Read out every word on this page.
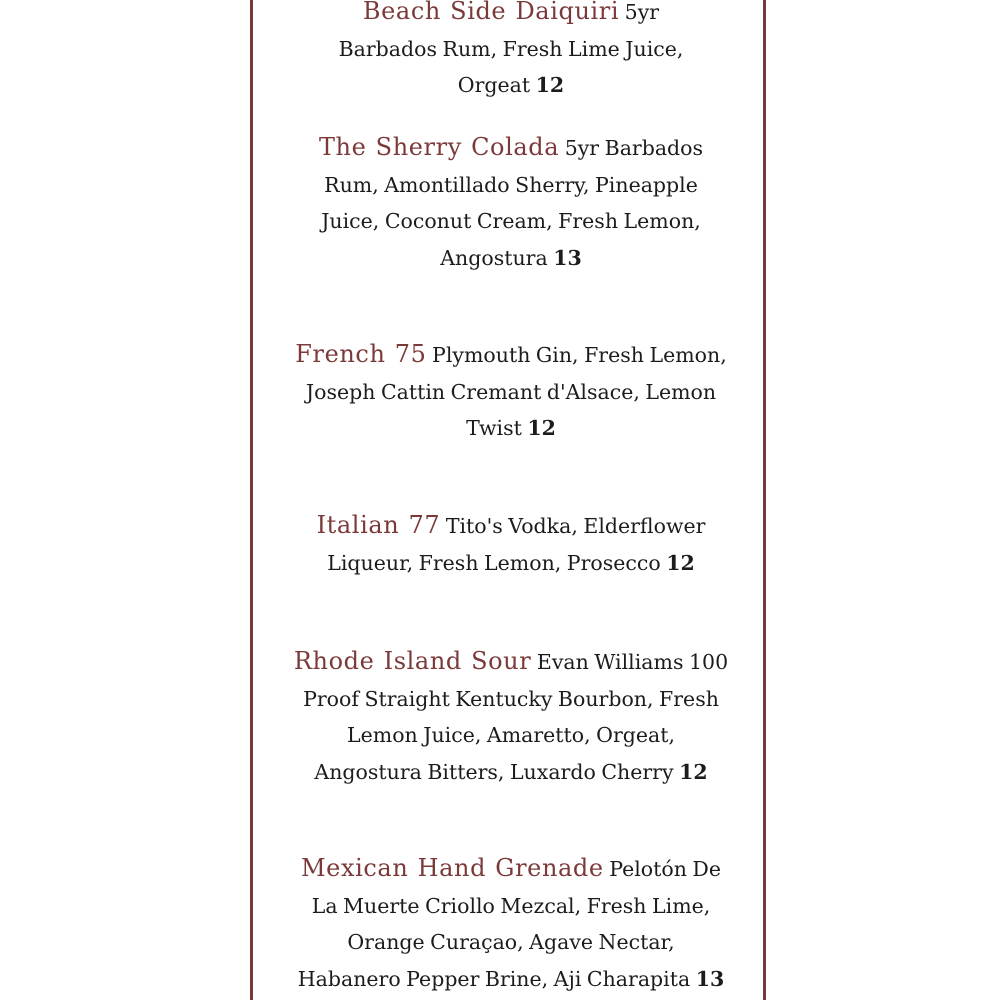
Beach Side Daiquiri 5yr Barbados Rum, Fresh Lime Juice, Orgeat 12
The Sherry Colada 5yr Barbados Rum, Amontillado Sherry, Pineapple Juice, Coconut Cream, Fresh Lemon, Angostura 13
French 75 Plymouth Gin, Fresh Lemon, Joseph Cattin Cremant d'Alsace, Lemon Twist 12
Italian 77 Tito's Vodka, Elderflower Liqueur, Fresh Lemon, Prosecco 12
Rhode Island Sour Evan Williams 100 Proof Straight Kentucky Bourbon, Fresh Lemon Juice, Amaretto, Orgeat, Angostura Bitters, Luxardo Cherry 12
Mexican Hand Grenade Pelotón De La Muerte Criollo Mezcal, Fresh Lime, Orange Curaçao, Agave Nectar, Habanero Pepper Brine, Aji Charapita 13
